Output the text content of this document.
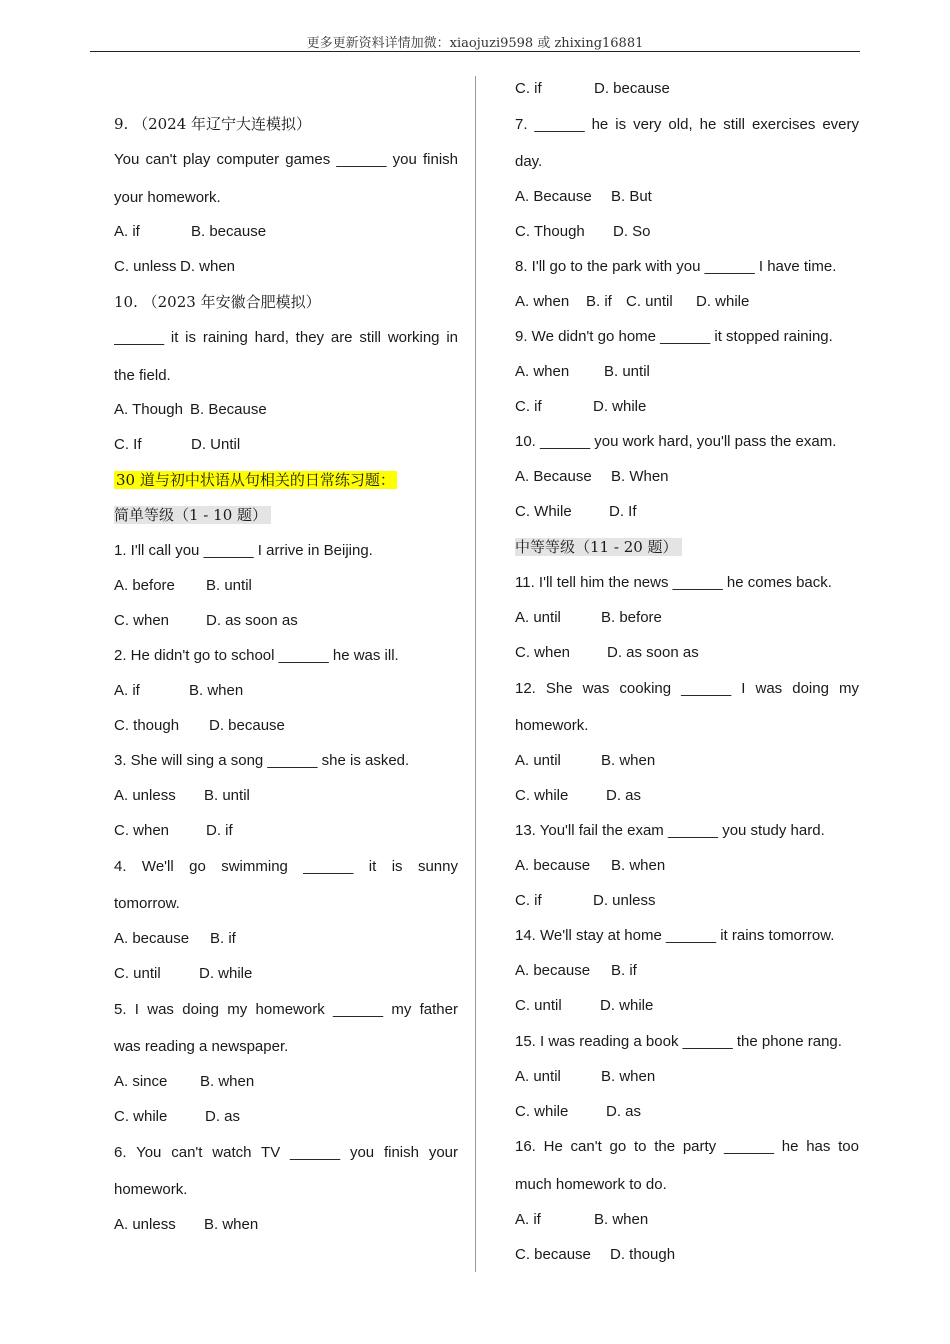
更多更新资料详情加微：xiaojuzi9598 或 zhixing16881
9. （2024 年辽宁大连模拟）
You can't play computer games ______ you finish
your homework.
A. if	B. because
C. unless D. when
10. （2023 年安徽合肥模拟）
______ it is raining hard, they are still working in
the field.
A. Though B. Because
C. If	D. Until
30 道与初中状语从句相关的日常练习题：
简单等级（1 - 10 题）
1. I'll call you ______ I arrive in Beijing.
A. before B. until
C. when D. as soon as
2. He didn't go to school ______ he was ill.
A. if	B. when
C. though D. because
3. She will sing a song ______ she is asked.
A. unless B. until
C. when D. if
4. We'll go swimming ______ it is sunny
tomorrow.
A. because B. if
C. until	D. while
5. I was doing my homework ______ my father
was reading a newspaper.
A. since B. when
C. while	D. as
6. You can't watch TV ______ you finish your
homework.
A. unless B. when
C. if	D. because
7. ______ he is very old, he still exercises every
day.
A. Because B. But
C. Though D. So
8. I'll go to the park with you ______ I have time.
A. when B. if C. until D. while
9. We didn't go home ______ it stopped raining.
A. when B. until
C. if	D. while
10. ______ you work hard, you'll pass the exam.
A. Because B. When
C. While D. If
中等等级（11 - 20 题）
11. I'll tell him the news ______ he comes back.
A. until	B. before
C. when D. as soon as
12. She was cooking ______ I was doing my
homework.
A. until	B. when
C. while	D. as
13. You'll fail the exam ______ you study hard.
A. because B. when
C. if	D. unless
14. We'll stay at home ______ it rains tomorrow.
A. because B. if
C. until	D. while
15. I was reading a book ______ the phone rang.
A. until	B. when
C. while	D. as
16. He can't go to the party ______ he has too
much homework to do.
A. if	B. when
C. because D. though
